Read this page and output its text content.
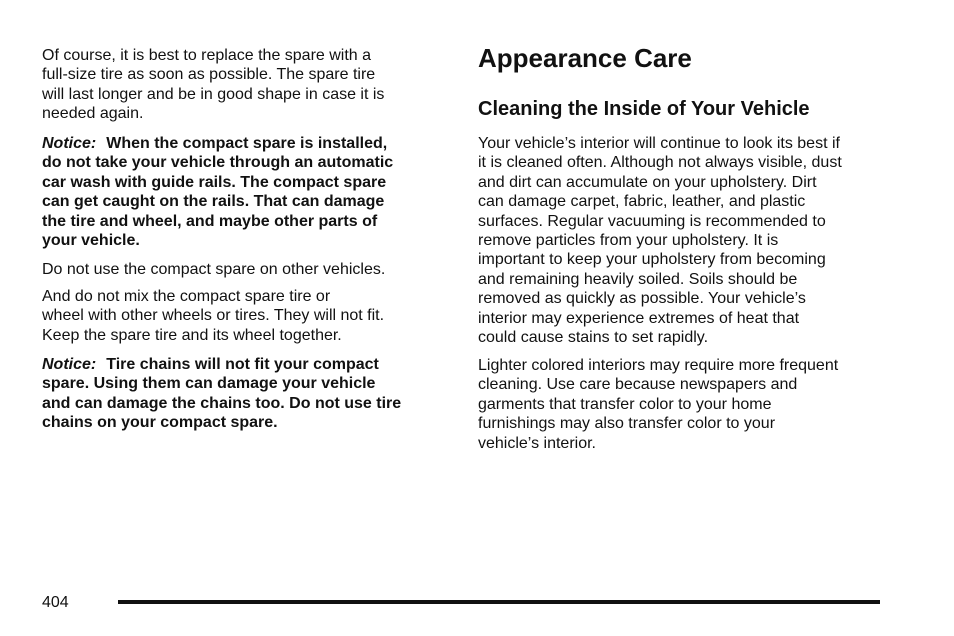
Of course, it is best to replace the spare with a
full-size tire as soon as possible. The spare tire
will last longer and be in good shape in case it is
needed again.

Notice: When the compact spare is installed,
do not take your vehicle through an automatic
car wash with guide rails. The compact spare
can get caught on the rails. That can damage
the tire and wheel, and maybe other parts of
your vehicle.

Do not use the compact spare on other vehicles.

And do not mix the compact spare tire or
wheel with other wheels or tires. They will not fit.
Keep the spare tire and its wheel together.

Notice: Tire chains will not fit your compact
spare. Using them can damage your vehicle
and can damage the chains too. Do not use tire
chains on your compact spare.

Appearance Care
Cleaning the Inside of Your Vehicle

Your vehicle’s interior will continue to look its best if
it is cleaned often. Although not always visible, dust
and dirt can accumulate on your upholstery. Dirt
can damage carpet, fabric, leather, and plastic
surfaces. Regular vacuuming is recommended to
remove particles from your upholstery. It is
important to keep your upholstery from becoming
and remaining heavily soiled. Soils should be
removed as quickly as possible. Your vehicle’s
interior may experience extremes of heat that
could cause stains to set rapidly.

Lighter colored interiors may require more frequent
cleaning. Use care because newspapers and
garments that transfer color to your home
furnishings may also transfer color to your
vehicle’s interior.

404
